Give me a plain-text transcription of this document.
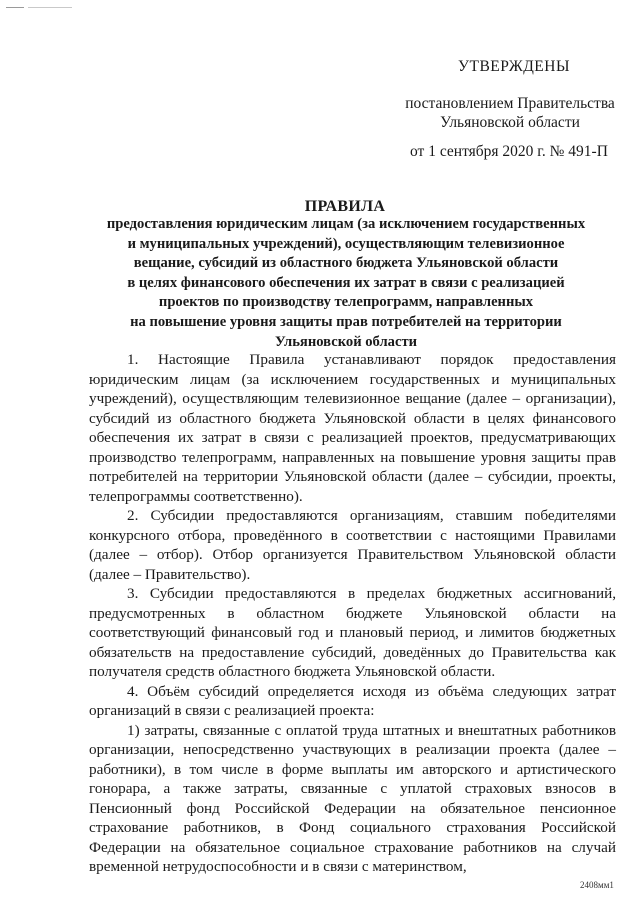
УТВЕРЖДЕНЫ
постановлением Правительства
Ульяновской области
от 1 сентября 2020 г. № 491-П
ПРАВИЛА
предоставления юридическим лицам (за исключением государственных
и муниципальных учреждений), осуществляющим телевизионное
вещание, субсидий из областного бюджета Ульяновской области
в целях финансового обеспечения их затрат в связи с реализацией
проектов по производству телепрограмм, направленных
на повышение уровня защиты прав потребителей на территории
Ульяновской области

1. Настоящие Правила устанавливают порядок предоставления юридическим лицам (за исключением государственных и муниципальных учреждений), осуществляющим телевизионное вещание (далее – организации), субсидий из областного бюджета Ульяновской области в целях финансового обеспечения их затрат в связи с реализацией проектов, предусматривающих производство телепрограмм, направленных на повышение уровня защиты прав потребителей на территории Ульяновской области (далее – субсидии, проекты, телепрограммы соответственно).

2. Субсидии предоставляются организациям, ставшим победителями конкурсного отбора, проведённого в соответствии с настоящими Правилами (далее – отбор). Отбор организуется Правительством Ульяновской области (далее – Правительство).

3. Субсидии предоставляются в пределах бюджетных ассигнований, предусмотренных в областном бюджете Ульяновской области на соответствующий финансовый год и плановый период, и лимитов бюджетных обязательств на предоставление субсидий, доведённых до Правительства как получателя средств областного бюджета Ульяновской области.

4. Объём субсидий определяется исходя из объёма следующих затрат организаций в связи с реализацией проекта:

1) затраты, связанные с оплатой труда штатных и внештатных работников организации, непосредственно участвующих в реализации проекта (далее – работники), в том числе в форме выплаты им авторского и артистического гонорара, а также затраты, связанные с уплатой страховых взносов в Пенсионный фонд Российской Федерации на обязательное пенсионное страхование работников, в Фонд социального страхования Российской Федерации на обязательное социальное страхование работников на случай временной нетрудоспособности и в связи с материнством,

2408мм1
